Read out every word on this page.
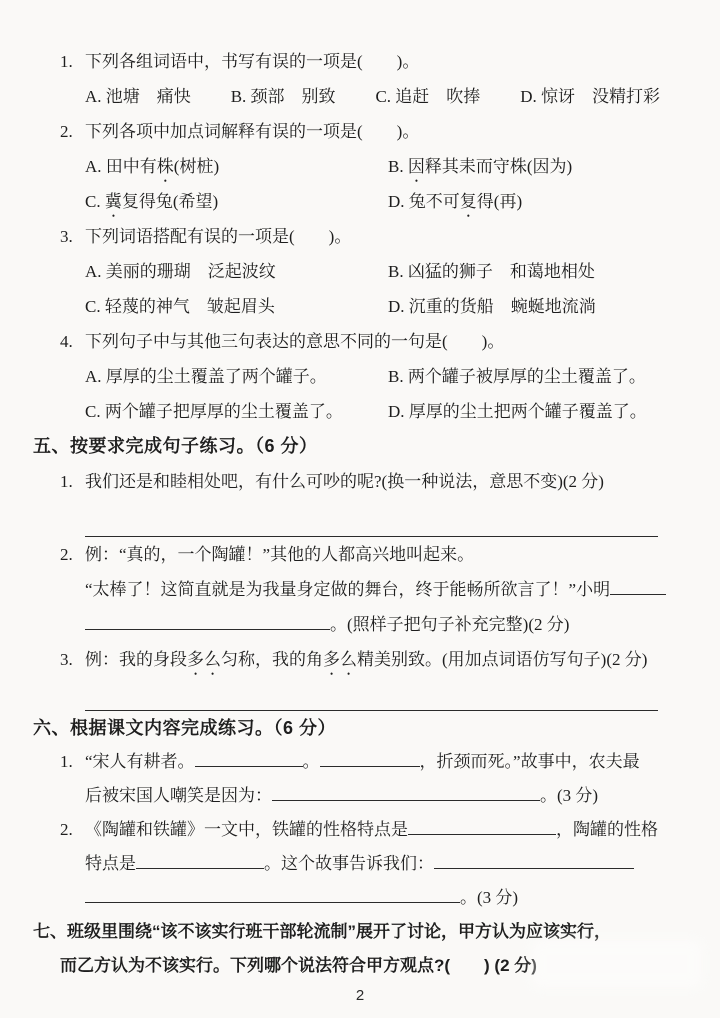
1. 下列各组词语中，书写有误的一项是(　　)。
A. 池塘　痛快 B. 颈部　别致 C. 追赶　吹捧 D. 惊讶　没精打彩
2. 下列各项中加点词解释有误的一项是(　　)。
A. 田中有株(树桩)	B. 因释其耒而守株(因为)
C. 冀复得兔(希望)	D. 兔不可复得(再)
3. 下列词语搭配有误的一项是(　　)。
A. 美丽的珊瑚　泛起波纹	B. 凶猛的狮子　和蔼地相处
C. 轻蔑的神气　皱起眉头	D. 沉重的货船　蜿蜒地流淌
4. 下列句子中与其他三句表达的意思不同的一句是(　　)。
A. 厚厚的尘土覆盖了两个罐子。	B. 两个罐子被厚厚的尘土覆盖了。
C. 两个罐子把厚厚的尘土覆盖了。	D. 厚厚的尘土把两个罐子覆盖了。
五、按要求完成句子练习。（6 分）
1. 我们还是和睦相处吧，有什么可吵的呢?(换一种说法，意思不变)(2 分)
2. 例：“真的，一个陶罐！”其他的人都高兴地叫起来。
“太棒了！这简直就是为我量身定做的舞台，终于能畅所欲言了！”小明
。(照样子把句子补充完整)(2 分)
3. 例：我的身段多么匀称，我的角多么精美别致。(用加点词语仿写句子)(2 分)
六、根据课文内容完成练习。（6 分）
1. “宋人有耕者。	。	，折颈而死。”故事中，农夫最
后被宋国人嘲笑是因为：	。(3 分)
2. 《陶罐和铁罐》一文中，铁罐的性格特点是	，陶罐的性格
特点是	。这个故事告诉我们：
。(3 分)
七、班级里围绕“该不该实行班干部轮流制”展开了讨论，甲方认为应该实行，
而乙方认为不该实行。下列哪个说法符合甲方观点?(　　) (2 分)
2
